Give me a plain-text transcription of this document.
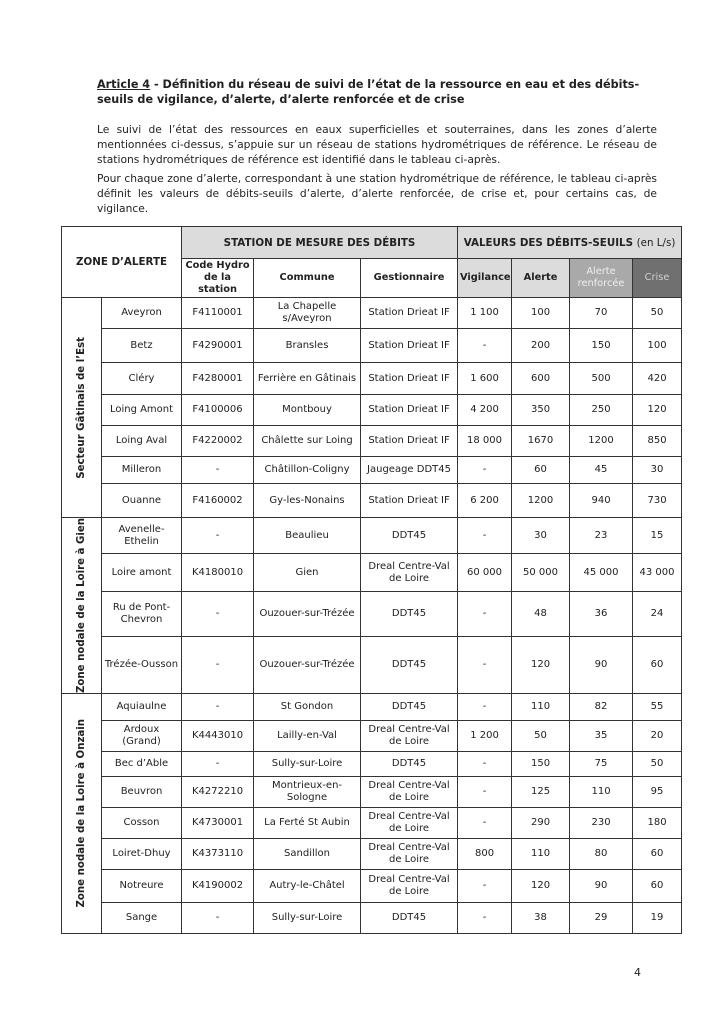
Article 4 - Définition du réseau de suivi de l’état de la ressource en eau et des débits-seuils de vigilance, d’alerte, d’alerte renforcée et de crise
Le suivi de l’état des ressources en eaux superficielles et souterraines, dans les zones d’alerte mentionnées ci-dessus, s’appuie sur un réseau de stations hydrométriques de référence. Le réseau de stations hydrométriques de référence est identifié dans le tableau ci-après.
Pour chaque zone d’alerte, correspondant à une station hydrométrique de référence, le tableau ci-après définit les valeurs de débits-seuils d’alerte, d’alerte renforcée, de crise et, pour certains cas, de vigilance.
ZONE D’ALERTE		STATION DE MESURE DES DÉBITS			VALEURS DES DÉBITS-SEUILS (en L/s)			
		Code Hydro de la station	Commune	Gestionnaire	Vigilance	Alerte	Alerte renforcée	Crise

Secteur Gâtinais de l’Est	Aveyron	F4110001	La Chapelle s/Aveyron	Station Drieat IF	1 100	100	70	50
	Betz	F4290001	Bransles	Station Drieat IF	-	200	150	100
	Cléry	F4280001	Ferrière en Gâtinais	Station Drieat IF	1 600	600	500	420
	Loing Amont	F4100006	Montbouy	Station Drieat IF	4 200	350	250	120
	Loing Aval	F4220002	Châlette sur Loing	Station Drieat IF	18 000	1670	1200	850
	Milleron	-	Châtillon-Coligny	Jaugeage DDT45	-	60	45	30
	Ouanne	F4160002	Gy-les-Nonains	Station Drieat IF	6 200	1200	940	730

Zone nodale de la Loire à Gien	Avenelle-Ethelin	-	Beaulieu	DDT45	-	30	23	15
	Loire amont	K4180010	Gien	Dreal Centre-Val de Loire	60 000	50 000	45 000	43 000
	Ru de Pont-Chevron	-	Ouzouer-sur-Trézée	DDT45	-	48	36	24
	Trézée-Ousson	-	Ouzouer-sur-Trézée	DDT45	-	120	90	60

Zone nodale de la Loire à Onzain	Aquiaulne	-	St Gondon	DDT45	-	110	82	55
	Ardoux (Grand)	K4443010	Lailly-en-Val	Dreal Centre-Val de Loire	1 200	50	35	20
	Bec d’Able	-	Sully-sur-Loire	DDT45	-	150	75	50
	Beuvron	K4272210	Montrieux-en-Sologne	Dreal Centre-Val de Loire	-	125	110	95
	Cosson	K4730001	La Ferté St Aubin	Dreal Centre-Val de Loire	-	290	230	180
	Loiret-Dhuy	K4373110	Sandillon	Dreal Centre-Val de Loire	800	110	80	60
	Notreure	K4190002	Autry-le-Châtel	Dreal Centre-Val de Loire	-	120	90	60
	Sange	-	Sully-sur-Loire	DDT45	-	38	29	19
4
